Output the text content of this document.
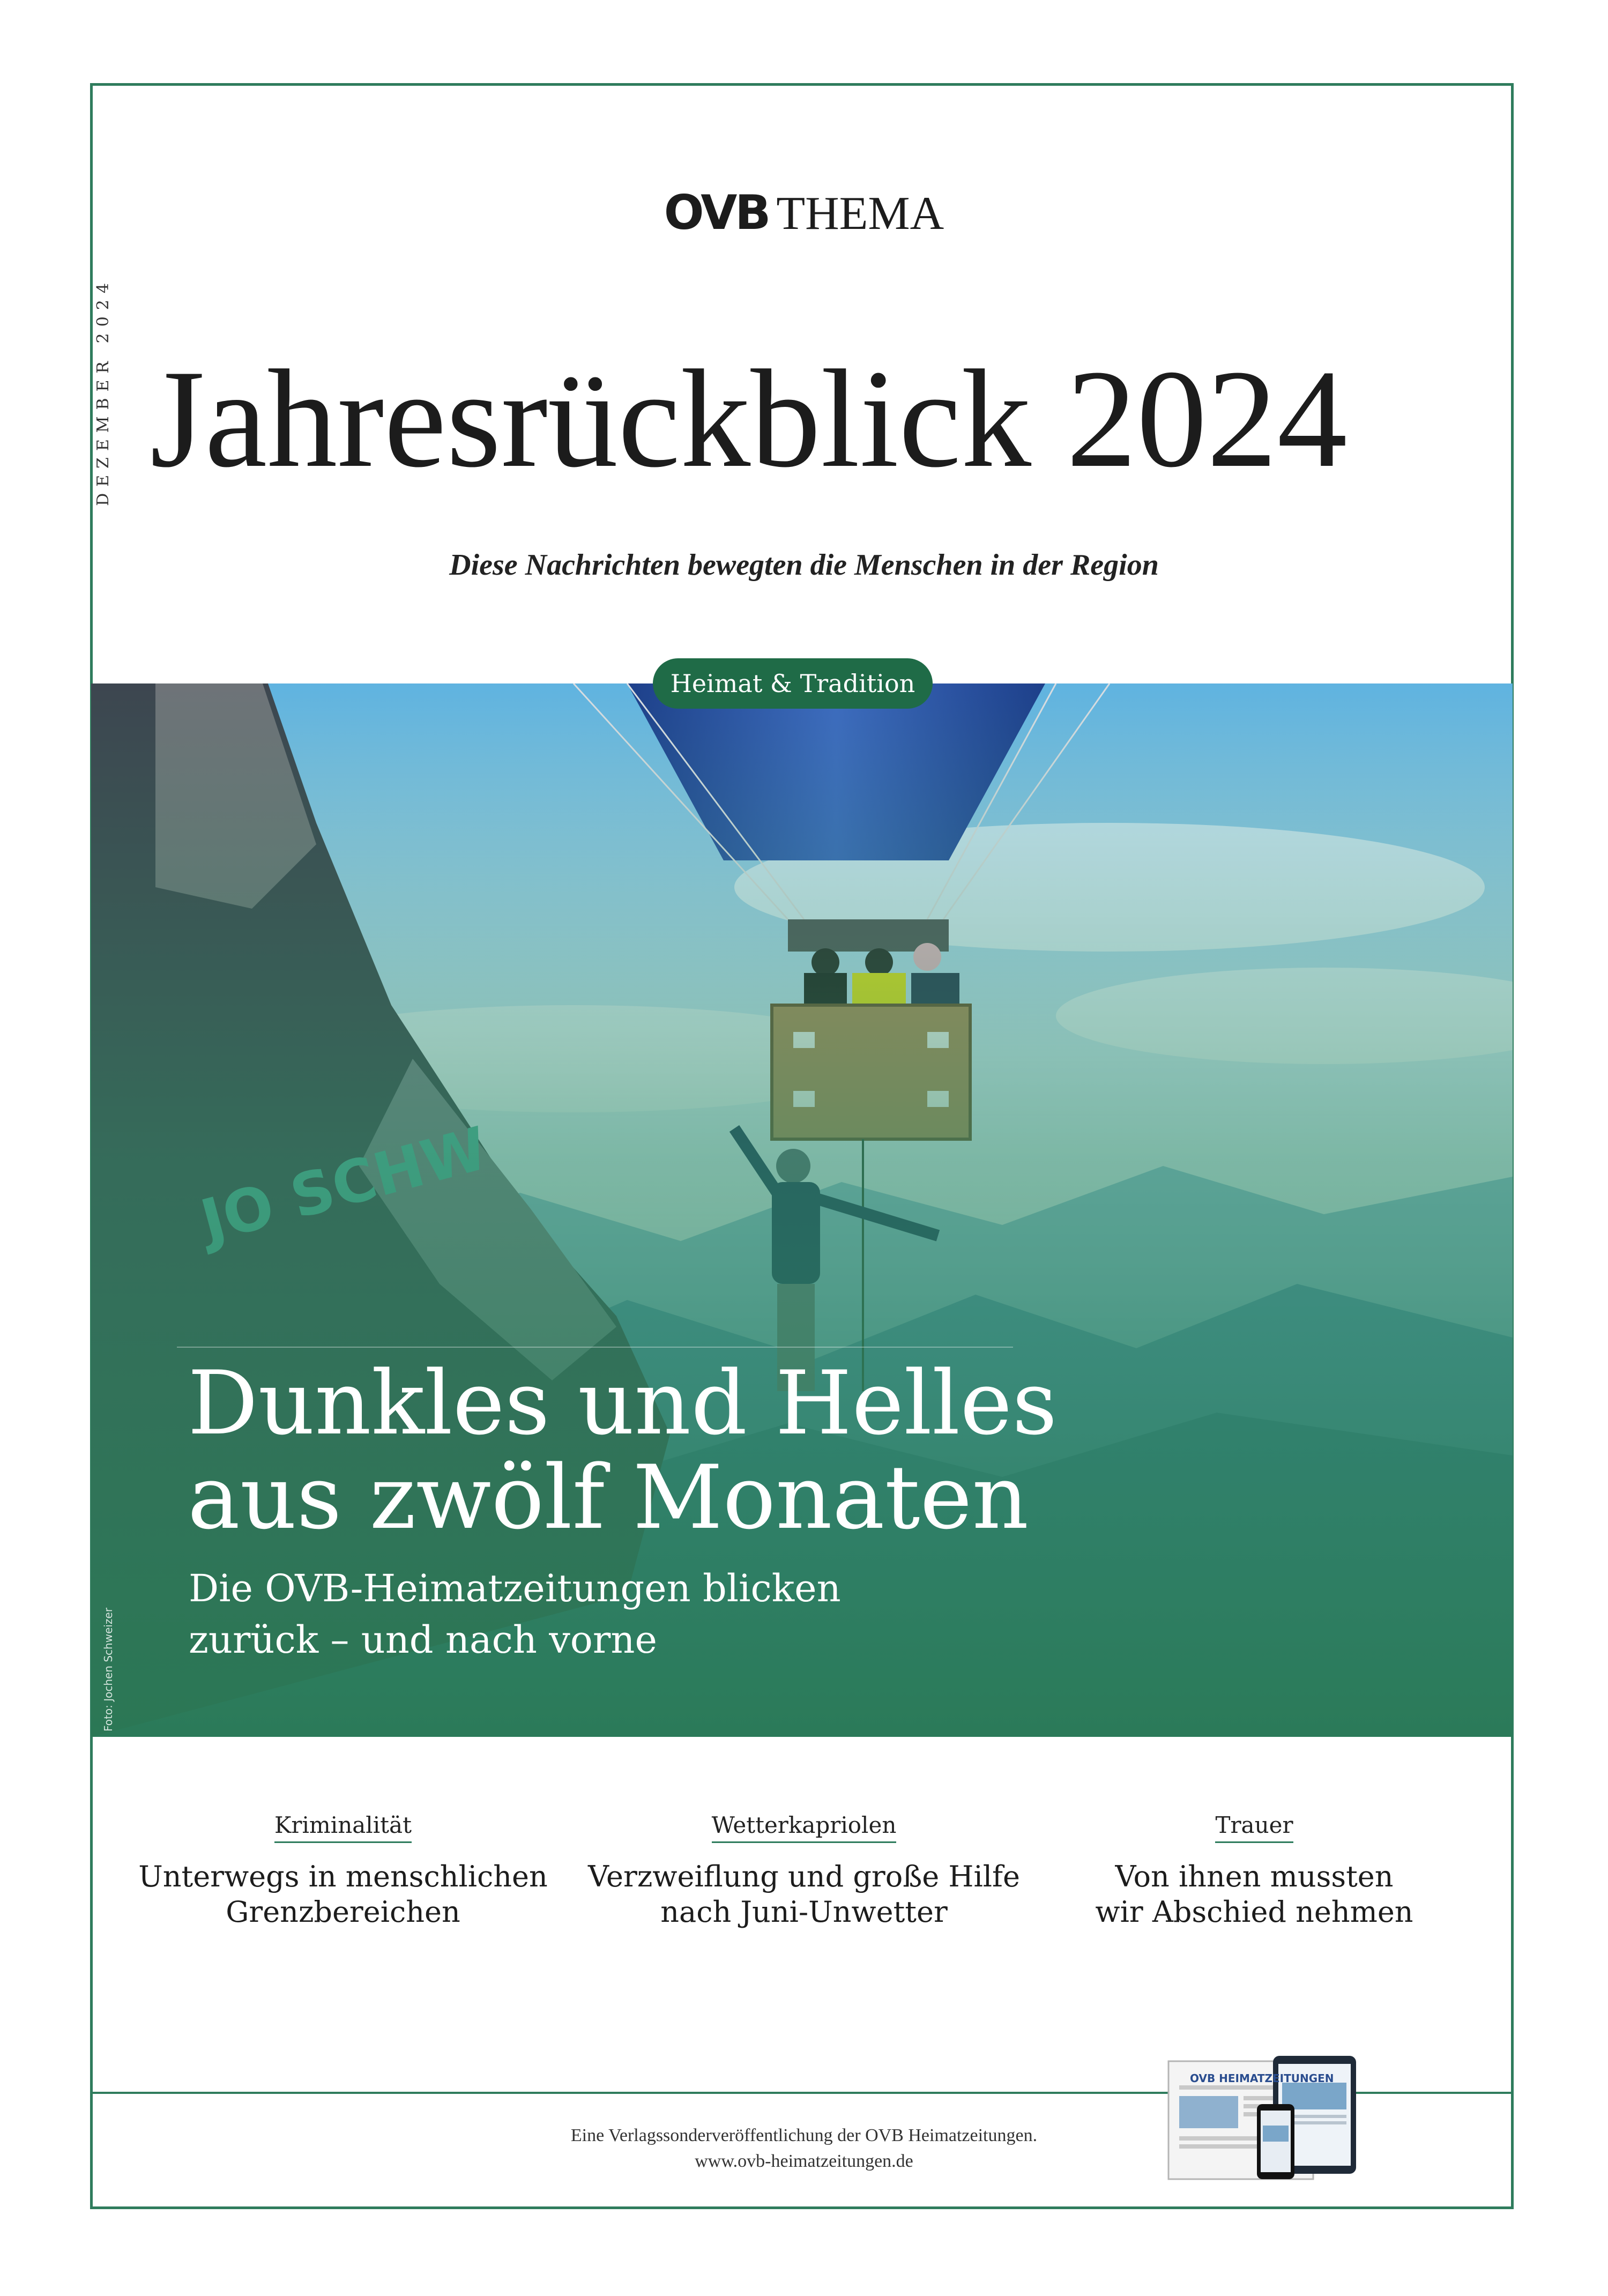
DEZEMBER 2024
OVB THEMA
Jahresrückblick 2024
Diese Nachrichten bewegten die Menschen in der Region
Heimat & Tradition
Dunkles und Helles
aus zwölf Monaten
Die OVB-Heimatzeitungen blicken
zurück – und nach vorne
Foto: Jochen Schweizer
Kriminalität
Unterwegs in menschlichen
Grenzbereichen
Wetterkapriolen
Verzweiflung und große Hilfe
nach Juni-Unwetter
Trauer
Von ihnen mussten
wir Abschied nehmen
Eine Verlagssonderveröffentlichung der OVB Heimatzeitungen.
www.ovb-heimatzeitungen.de
OVB HEIMATZEITUNGEN
